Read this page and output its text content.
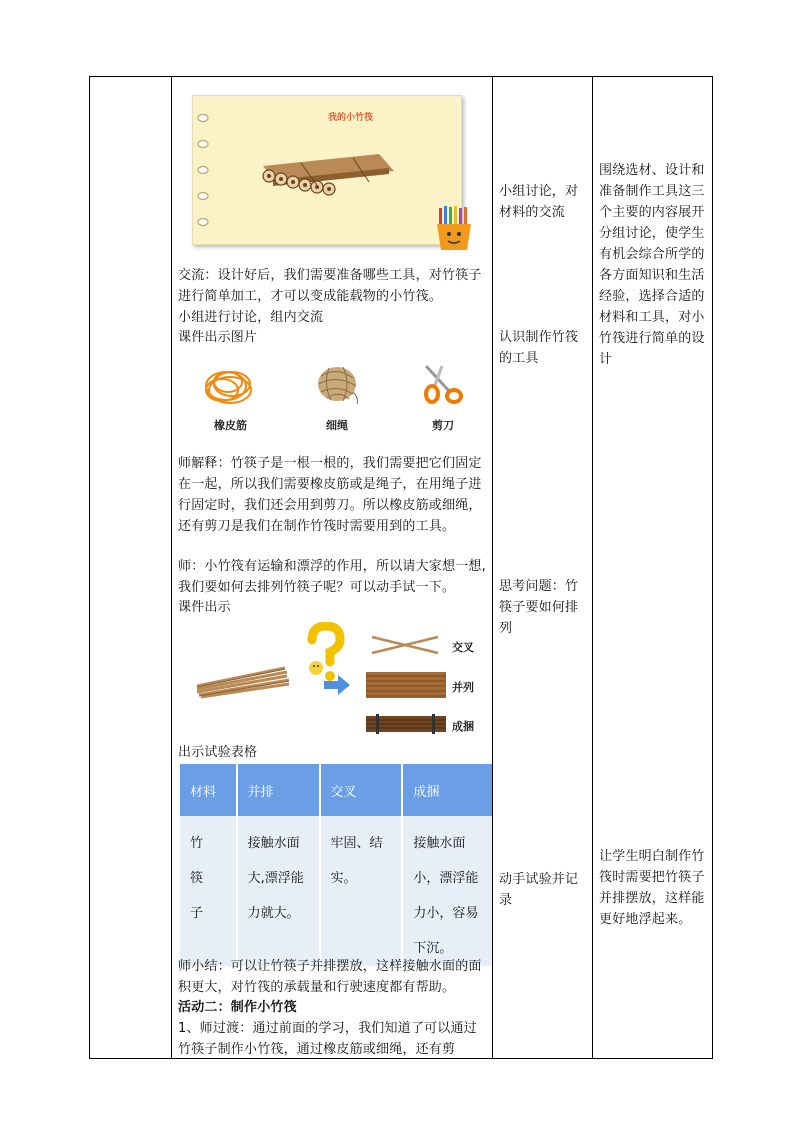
我的小竹筏
交流：设计好后，我们需要准备哪些工具，对竹筷子进行简单加工，才可以变成能载物的小竹筏。
小组进行讨论，组内交流
课件出示图片
橡皮筋	细绳	剪刀
师解释：竹筷子是一根一根的，我们需要把它们固定在一起，所以我们需要橡皮筋或是绳子，在用绳子进行固定时，我们还会用到剪刀。所以橡皮筋或细绳，还有剪刀是我们在制作竹筏时需要用到的工具。
师：小竹筏有运输和漂浮的作用，所以请大家想一想,我们要如何去排列竹筷子呢？可以动手试一下。
课件出示
交叉
并列
成捆
出示试验表格
材料	并排	交叉	成捆
竹　筷　子	接触水面大,漂浮能力就大。	牢固、结实。	接触水面小，漂浮能力小，容易下沉。
师小结：可以让竹筷子并排摆放，这样接触水面的面积更大，对竹筏的承载量和行驶速度都有帮助。
活动二：制作小竹筏
1、师过渡：通过前面的学习，我们知道了可以通过竹筷子制作小竹筏，通过橡皮筋或细绳，还有剪
小组讨论，对材料的交流
认识制作竹筏的工具
思考问题：竹筷子要如何排列
动手试验并记录
围绕选材、设计和准备制作工具这三个主要的内容展开分组讨论，使学生有机会综合所学的各方面知识和生活经验，选择合适的材料和工具，对小竹筏进行简单的设计
让学生明白制作竹筏时需要把竹筷子并排摆放，这样能更好地浮起来。
